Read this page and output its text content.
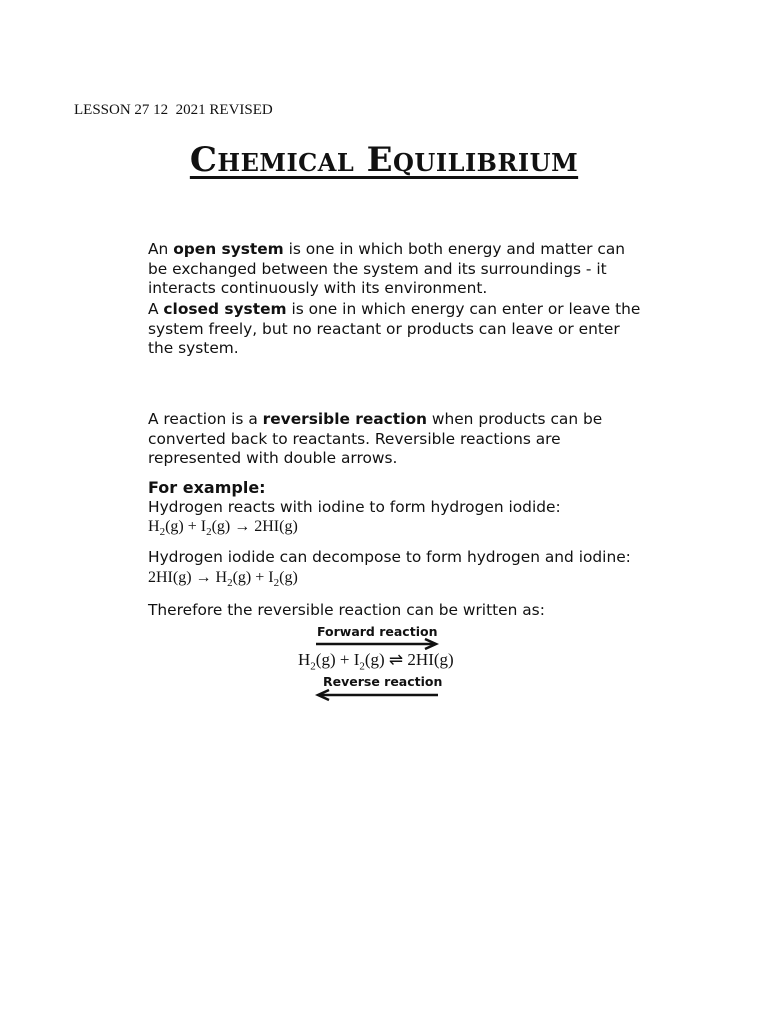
LESSON 27 12  2021 REVISED
Chemical Equilibrium
An open system is one in which both energy and matter can be exchanged between the system and its surroundings - it interacts continuously with its environment.
A closed system is one in which energy can enter or leave the system freely, but no reactant or products can leave or enter the system.
A reaction is a reversible reaction when products can be converted back to reactants. Reversible reactions are represented with double arrows.
For example:
Hydrogen reacts with iodine to form hydrogen iodide:
$H_2(g) + I_2(g) \to 2HI(g)$
Hydrogen iodide can decompose to form hydrogen and iodine:
$2HI(g) \to H_2(g) + I_2(g)$
Therefore the reversible reaction can be written as:
Forward reaction
$H_2(g) + I_2(g)$ ⇌ 2HI(g)
Reverse reaction
